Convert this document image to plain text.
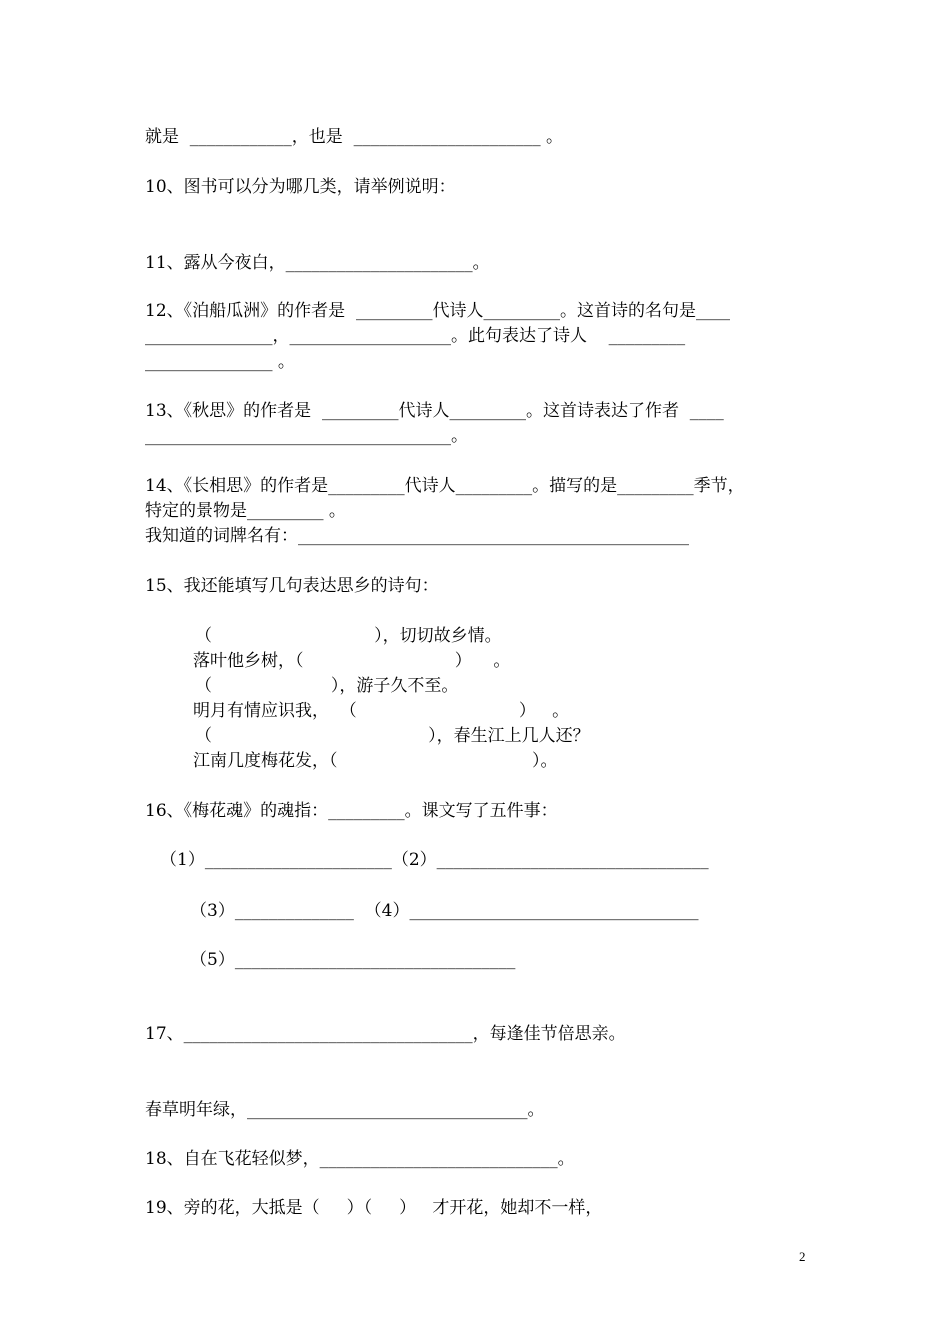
就是  ____________，也是  ______________________ 。
10、图书可以分为哪几类，请举例说明：
11、露从今夜白，______________________。
12、《泊船瓜洲》的作者是  _________代诗人_________。这首诗的名句是____
_______________，___________________。此句表达了诗人    _________
_______________ 。
13、《秋思》的作者是  _________代诗人_________。这首诗表达了作者  ____
____________________________________。
14、《长相思》的作者是_________代诗人_________。描写的是_________季节，
特定的景物是_________ 。
我知道的词牌名有：______________________________________________
15、我还能填写几句表达思乡的诗句：
（                              ），切切故乡情。
落叶他乡树，（                            ）    。
（                      ），游子久不至。
明月有情应识我，  （                              ）   。
（                                        ），春生江上几人还？
江南几度梅花发，（                                    ）。
16、《梅花魂》的魂指：_________。课文写了五件事：
（1）______________________（2）________________________________
（3）______________  （4）__________________________________
（5）_________________________________
17、__________________________________，每逢佳节倍思亲。
春草明年绿，_________________________________。
18、自在飞花轻似梦，____________________________。
19、旁的花，大抵是（     ）（     ）   才开花，她却不一样，
2
